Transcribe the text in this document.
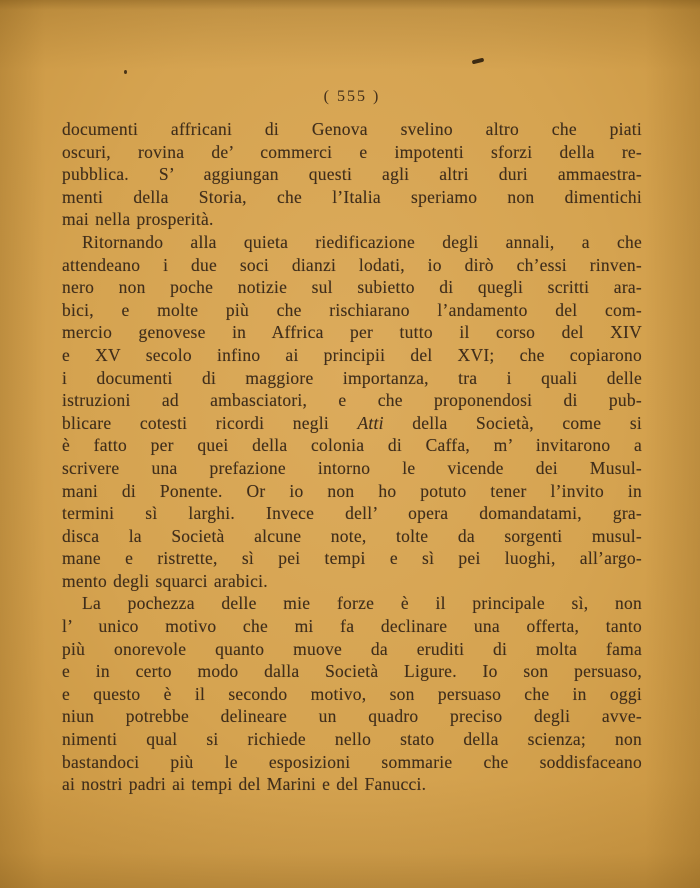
( 555 )
documenti affricani di Genova svelino altro che piati
oscuri, rovina de’ commerci e impotenti sforzi della re-
pubblica. S’ aggiungan questi agli altri duri ammaestra-
menti della Storia, che l’Italia speriamo non dimentichi
mai nella prosperità.
Ritornando alla quieta riedificazione degli annali, a che
attendeano i due soci dianzi lodati, io dirò ch’essi rinven-
nero non poche notizie sul subietto di quegli scritti ara-
bici, e molte più che rischiarano l’andamento del com-
mercio genovese in Affrica per tutto il corso del XIV
e XV secolo infino ai principii del XVI; che copiarono
i documenti di maggiore importanza, tra i quali delle
istruzioni ad ambasciatori, e che proponendosi di pub-
blicare cotesti ricordi negli Atti della Società, come si
è fatto per quei della colonia di Caffa, m’ invitarono a
scrivere una prefazione intorno le vicende dei Musul-
mani di Ponente. Or io non ho potuto tener l’invito in
termini sì larghi. Invece dell’ opera domandatami, gra-
disca la Società alcune note, tolte da sorgenti musul-
mane e ristrette, sì pei tempi e sì pei luoghi, all’argo-
mento degli squarci arabici.
La pochezza delle mie forze è il principale sì, non
l’ unico motivo che mi fa declinare una offerta, tanto
più onorevole quanto muove da eruditi di molta fama
e in certo modo dalla Società Ligure. Io son persuaso,
e questo è il secondo motivo, son persuaso che in oggi
niun potrebbe delineare un quadro preciso degli avve-
nimenti qual si richiede nello stato della scienza; non
bastandoci più le esposizioni sommarie che soddisfaceano
ai nostri padri ai tempi del Marini e del Fanucci.
